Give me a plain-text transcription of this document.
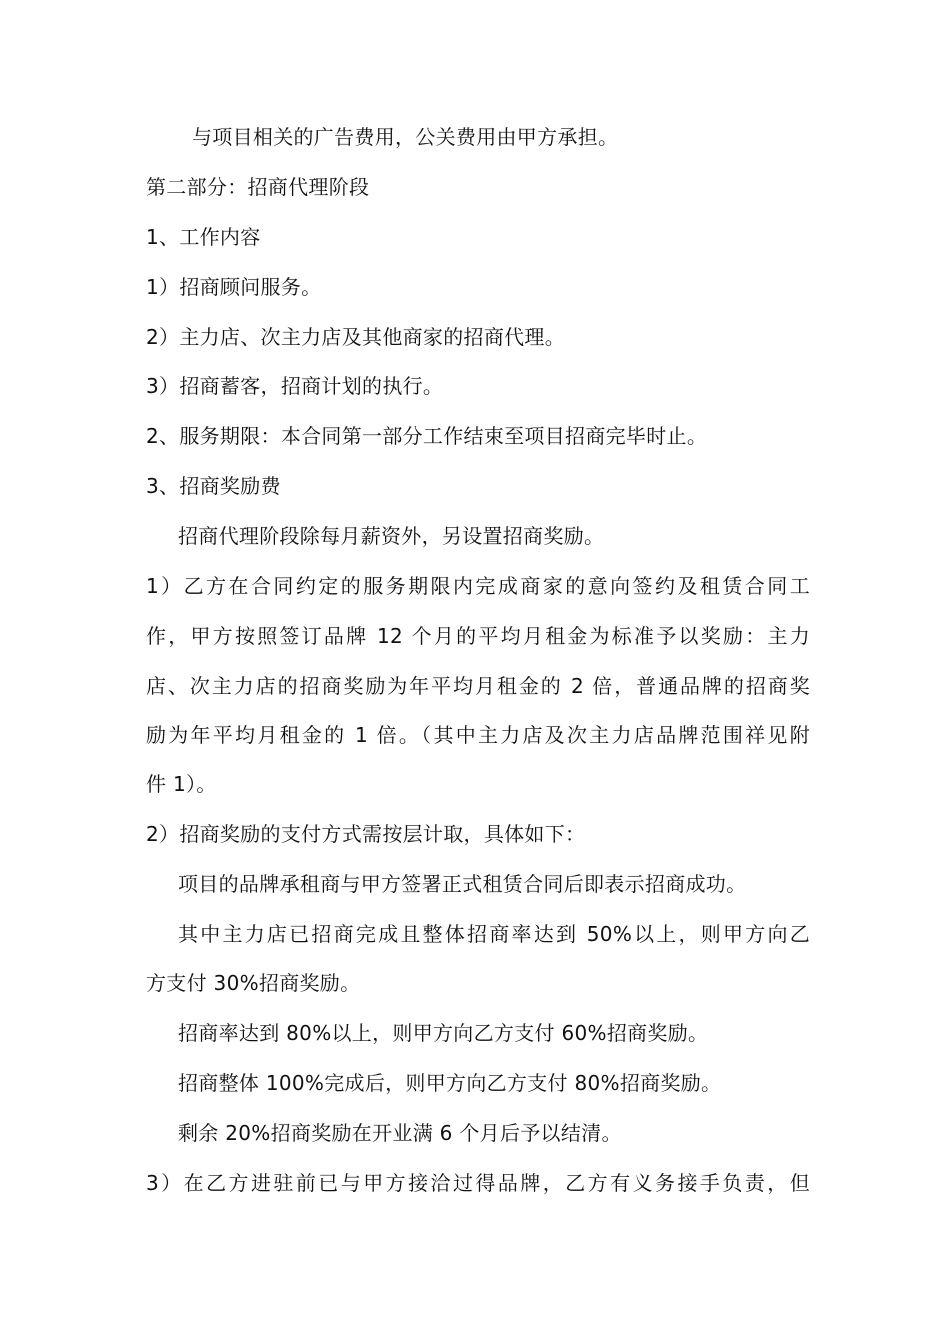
与项目相关的广告费用，公关费用由甲方承担。
第二部分：招商代理阶段
1、工作内容
1）招商顾问服务。
2）主力店、次主力店及其他商家的招商代理。
3）招商蓄客，招商计划的执行。
2、服务期限：本合同第一部分工作结束至项目招商完毕时止。
3、招商奖励费
招商代理阶段除每月薪资外，另设置招商奖励。
1）乙方在合同约定的服务期限内完成商家的意向签约及租赁合同工
作，甲方按照签订品牌 12 个月的平均月租金为标准予以奖励：主力
店、次主力店的招商奖励为年平均月租金的 2 倍，普通品牌的招商奖
励为年平均月租金的 1 倍。（其中主力店及次主力店品牌范围祥见附
件 1）。
2）招商奖励的支付方式需按层计取，具体如下：
项目的品牌承租商与甲方签署正式租赁合同后即表示招商成功。
其中主力店已招商完成且整体招商率达到 50%以上，则甲方向乙
方支付 30%招商奖励。
招商率达到 80%以上，则甲方向乙方支付 60%招商奖励。
招商整体 100%完成后，则甲方向乙方支付 80%招商奖励。
剩余 20%招商奖励在开业满 6 个月后予以结清。
3）在乙方进驻前已与甲方接洽过得品牌，乙方有义务接手负责，但
